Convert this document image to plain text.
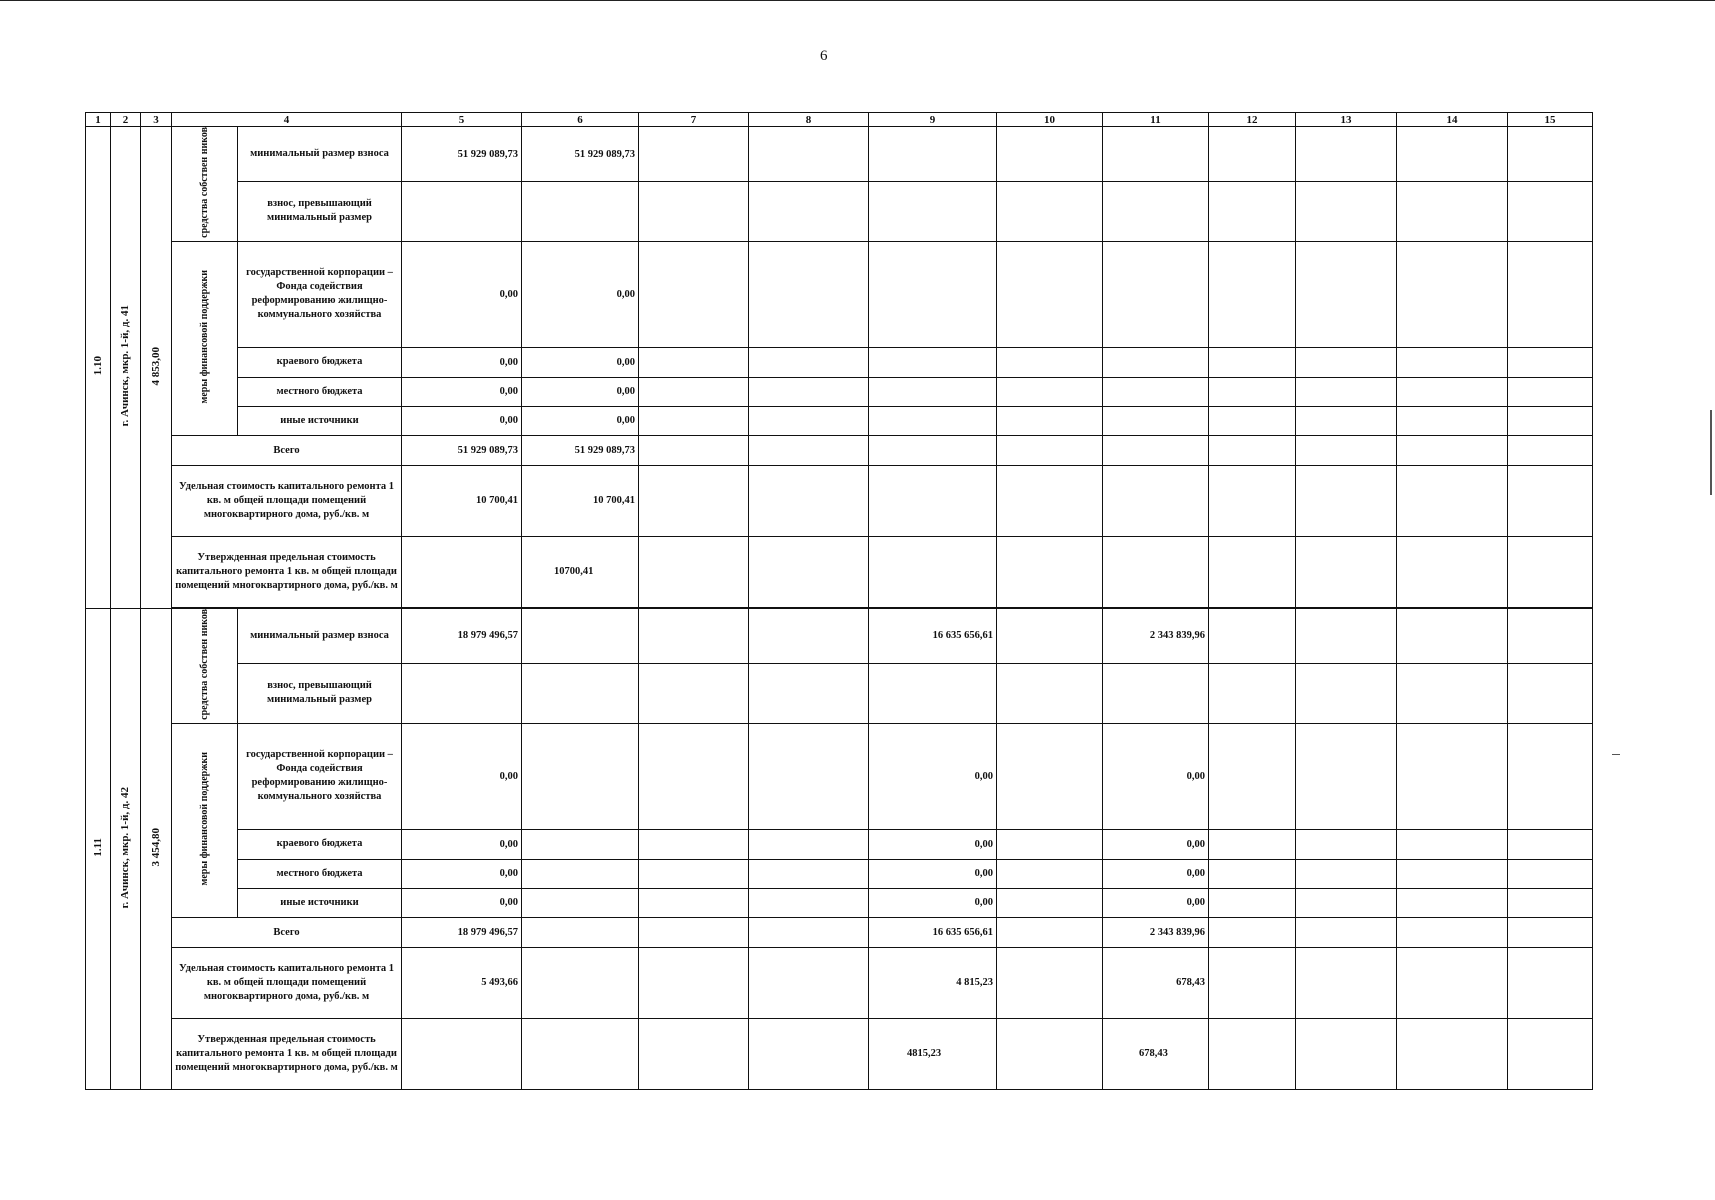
6
1	2	3	4		5	6	7	8	9	10	11	12	13	14	15
1.10	г. Ачинск, мкр. 1-й, д. 41	4 853,00	средства собствен ников	минимальный размер взноса	51 929 089,73	51 929 089,73									
				взнос, превышающий минимальный размер											
			меры финансовой поддержки	государственной корпорации – Фонда содействия реформированию жилищно-коммунального хозяйства	0,00	0,00									
				краевого бюджета	0,00	0,00									
				местного бюджета	0,00	0,00									
				иные источники	0,00	0,00									
			Всего		51 929 089,73	51 929 089,73									
			Удельная стоимость капитального ремонта 1 кв. м общей площади помещений многоквартирного дома, руб./кв. м		10 700,41	10 700,41									
			Утвержденная предельная стоимость капитального ремонта 1 кв. м общей площади помещений многоквартирного дома, руб./кв. м			10700,41									

1.11	г. Ачинск, мкр. 1-й, д. 42	3 454,80	средства собствен ников	минимальный размер взноса	18 979 496,57				16 635 656,61		2 343 839,96				
				взнос, превышающий минимальный размер											
			меры финансовой поддержки	государственной корпорации – Фонда содействия реформированию жилищно-коммунального хозяйства	0,00				0,00		0,00				
				краевого бюджета	0,00				0,00		0,00				
				местного бюджета	0,00				0,00		0,00				
				иные источники	0,00				0,00		0,00				
			Всего		18 979 496,57				16 635 656,61		2 343 839,96				
			Удельная стоимость капитального ремонта 1 кв. м общей площади помещений многоквартирного дома, руб./кв. м		5 493,66				4 815,23		678,43				
			Утвержденная предельная стоимость капитального ремонта 1 кв. м общей площади помещений многоквартирного дома, руб./кв. м						4815,23		678,43				
